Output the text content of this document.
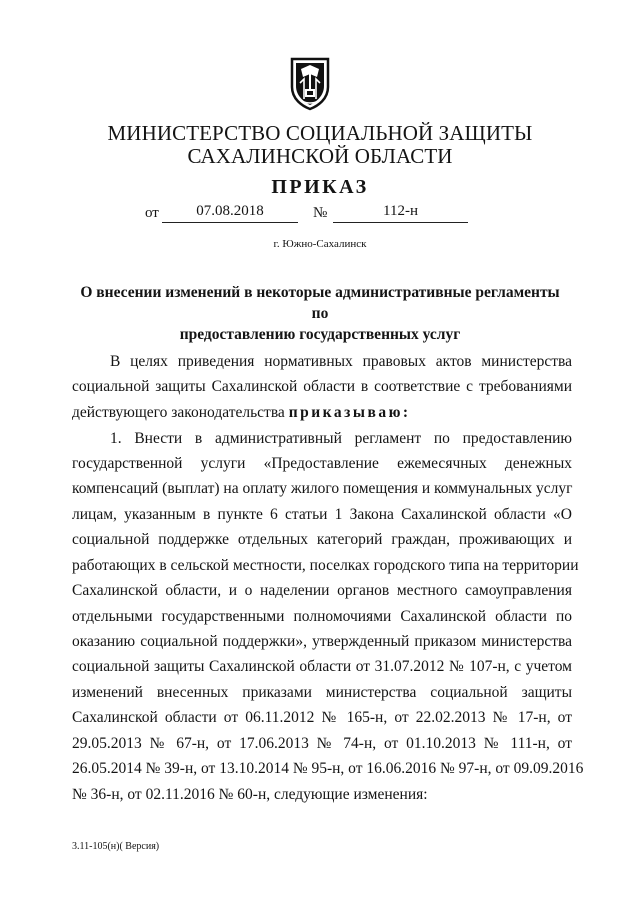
МИНИСТЕРСТВО СОЦИАЛЬНОЙ ЗАЩИТЫ
САХАЛИНСКОЙ ОБЛАСТИ
ПРИКАЗ
от	07.08.2018	№	112-н
г. Южно-Сахалинск
О внесении изменений в некоторые административные регламенты по
предоставлению государственных услуг
В целях приведения нормативных правовых актов министерства
социальной защиты Сахалинской области в соответствие с требованиями
действующего законодательства приказываю:
1. Внести в административный регламент по предоставлению
государственной услуги «Предоставление ежемесячных денежных
компенсаций (выплат) на оплату жилого помещения и коммунальных услуг
лицам, указанным в пункте 6 статьи 1 Закона Сахалинской области «О
социальной поддержке отдельных категорий граждан, проживающих и
работающих в сельской местности, поселках городского типа на территории
Сахалинской области, и о наделении органов местного самоуправления
отдельными государственными полномочиями Сахалинской области по
оказанию социальной поддержки», утвержденный приказом министерства
социальной защиты Сахалинской области от 31.07.2012 № 107-н, с учетом
изменений внесенных приказами министерства социальной защиты
Сахалинской области от 06.11.2012 № 165-н, от 22.02.2013 № 17-н, от
29.05.2013 № 67-н, от 17.06.2013 № 74-н, от 01.10.2013 № 111-н, от
26.05.2014 № 39-н, от 13.10.2014 № 95-н, от 16.06.2016 № 97-н, от 09.09.2016
№ 36-н, от 02.11.2016 № 60-н, следующие изменения:
3.11-105(н)( Версия)
